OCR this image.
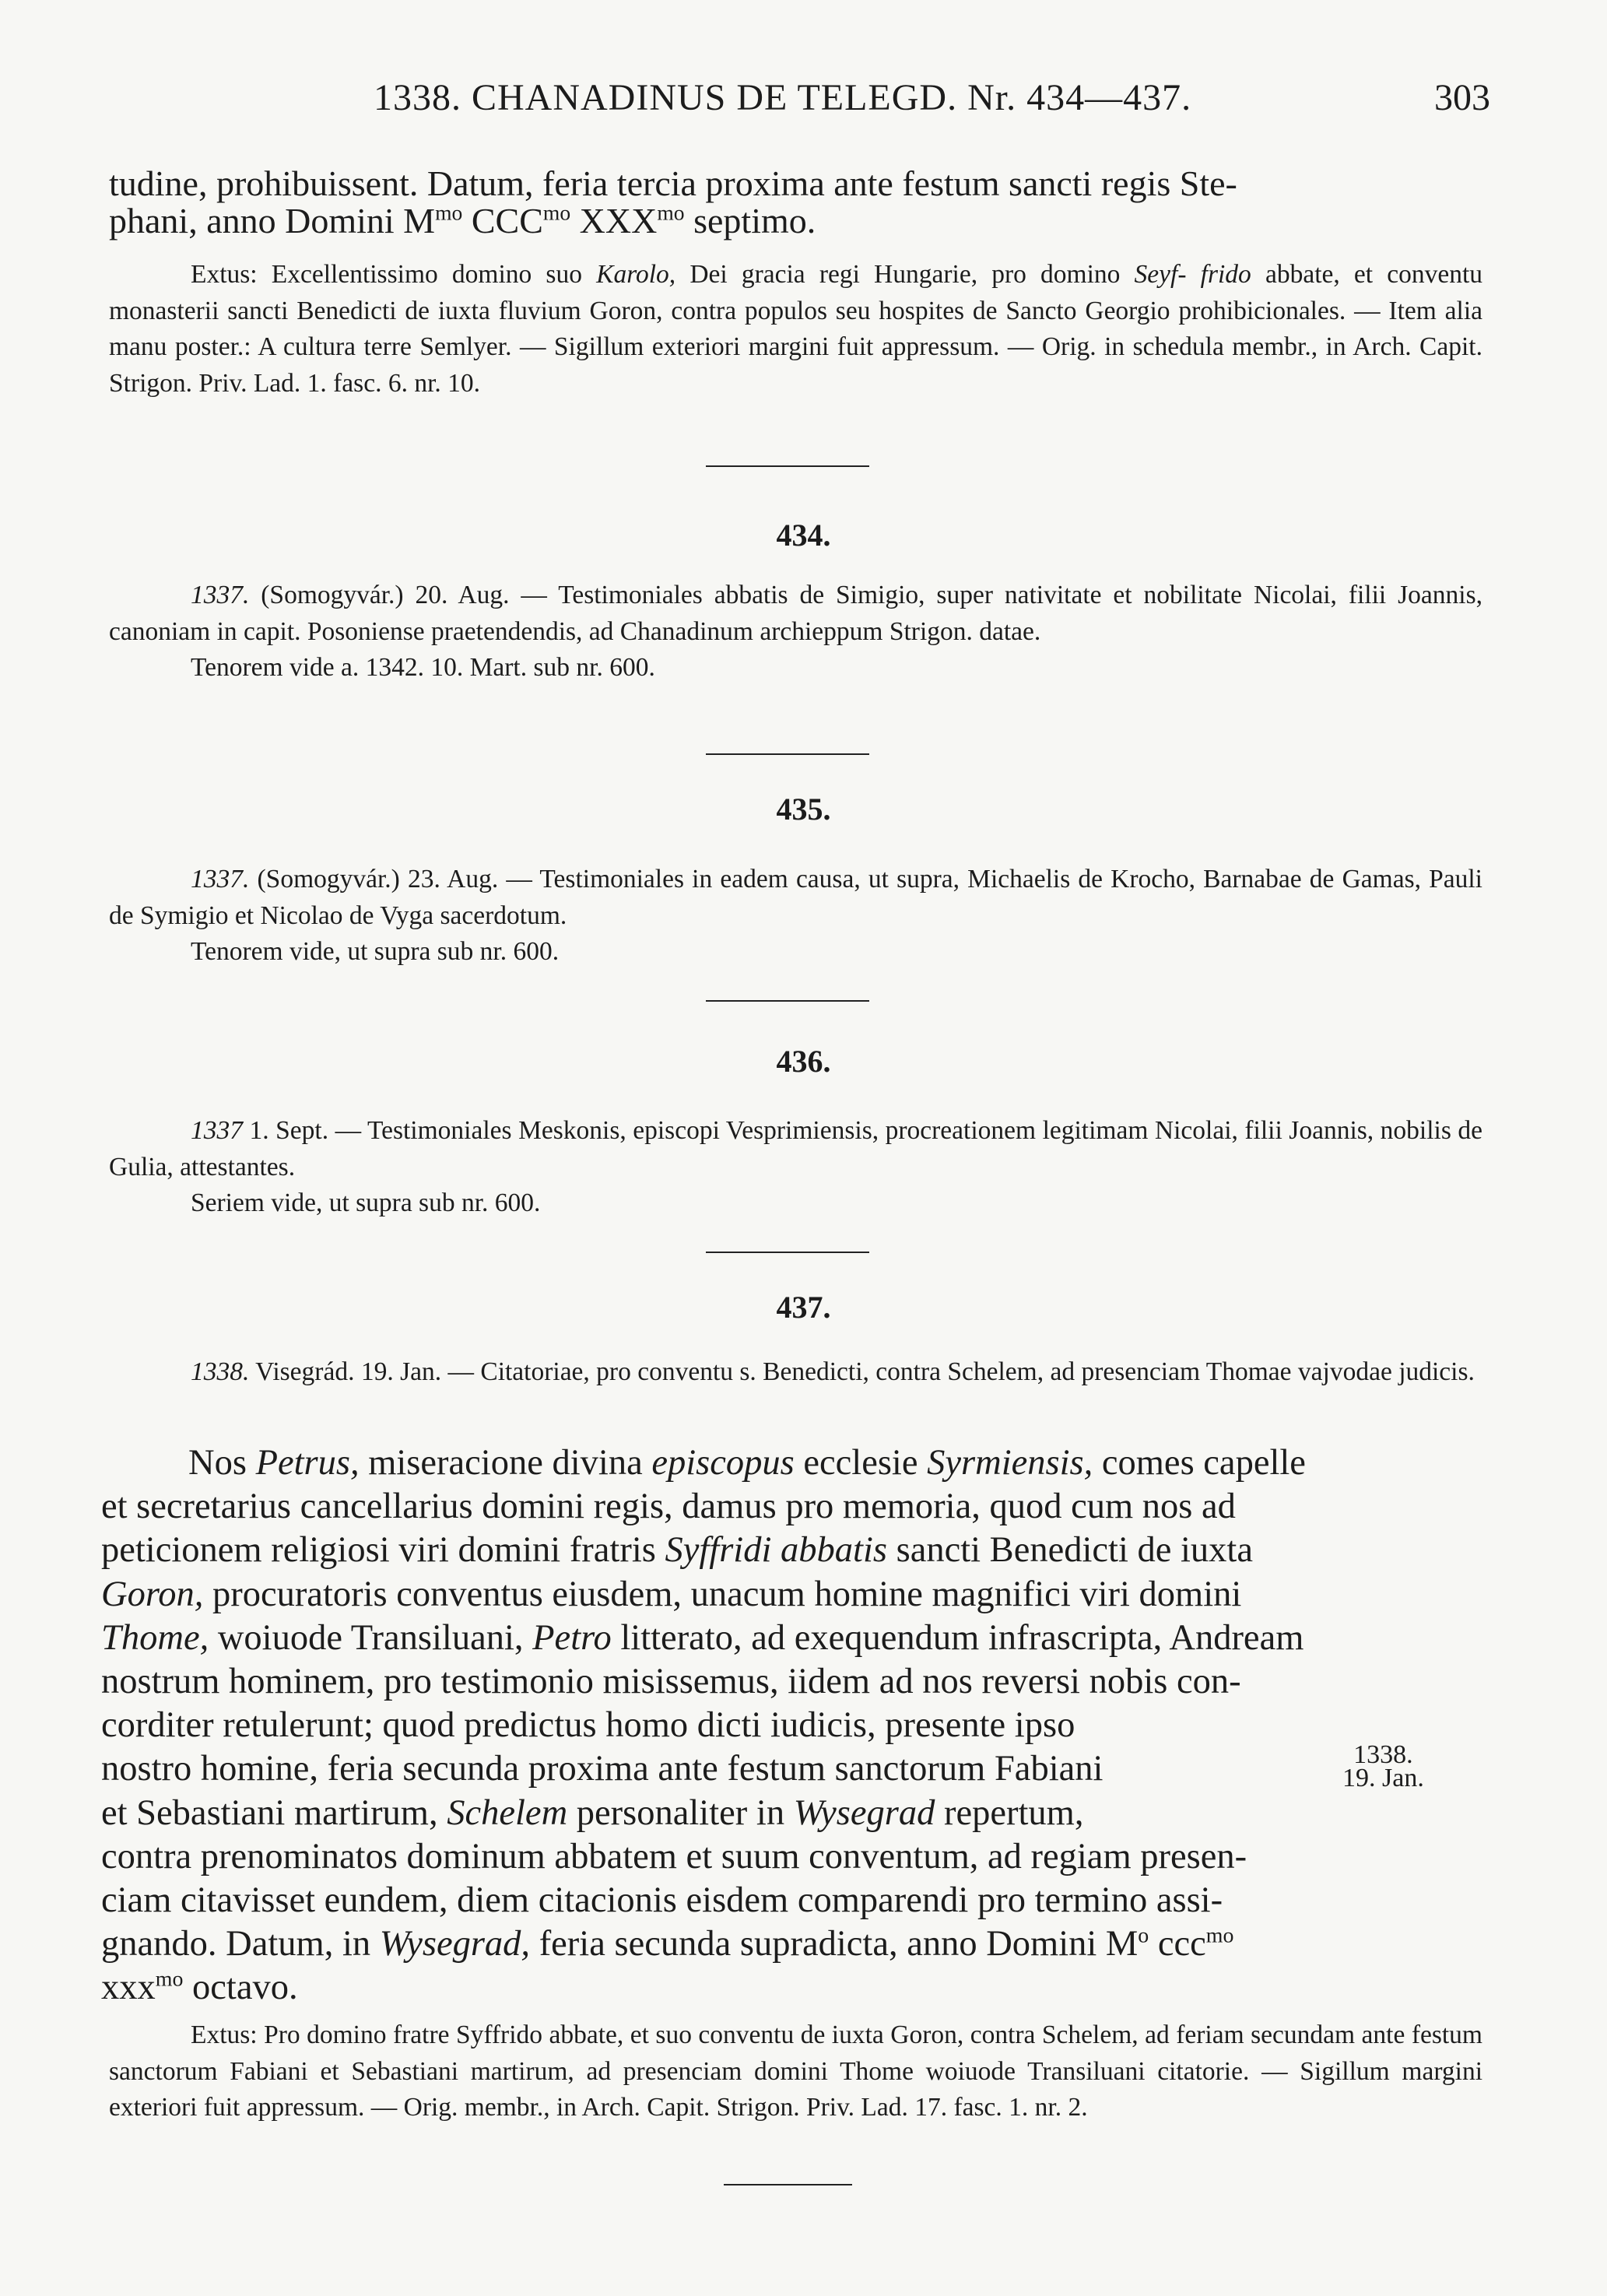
1338. CHANADINUS DE TELEGD. Nr. 434—437.	303
tudine, prohibuissent. Datum, feria tercia proxima ante festum sancti regis Ste-
phani, anno Domini $M^{mo}$ $CCC^{mo}$ $XXX^{mo}$ septimo.
Extus: Excellentissimo domino suo Karolo, Dei gracia regi Hungarie, pro domino Seyf- frido abbate, et conventu monasterii sancti Benedicti de iuxta fluvium Goron, contra populos seu hospites de Sancto Georgio prohibicionales. — Item alia manu poster.: A cultura terre Semlyer. — Sigillum exteriori margini fuit appressum. — Orig. in schedula membr., in Arch. Capit. Strigon. Priv. Lad. 1. fasc. 6. nr. 10.
434.
1337. (Somogyvár.) 20. Aug. — Testimoniales abbatis de Simigio, super nativitate et nobilitate Nicolai, filii Joannis, canoniam in capit. Posoniense praetendendis, ad Chanadinum archieppum Strigon. datae.
Tenorem vide a. 1342. 10. Mart. sub nr. 600.
435.
1337. (Somogyvár.) 23. Aug. — Testimoniales in eadem causa, ut supra, Michaelis de Krocho, Barnabae de Gamas, Pauli de Symigio et Nicolao de Vyga sacerdotum.
Tenorem vide, ut supra sub nr. 600.
436.
1337 1. Sept. — Testimoniales Meskonis, episcopi Vesprimiensis, procreationem legitimam Nicolai, filii Joannis, nobilis de Gulia, attestantes.
Seriem vide, ut supra sub nr. 600.
437.
1338. Visegrád. 19. Jan. — Citatoriae, pro conventu s. Benedicti, contra Schelem, ad presenciam Thomae vajvodae judicis.
Nos Petrus, miseracione divina episcopus ecclesie Syrmiensis, comes capelle
et secretarius cancellarius domini regis, damus pro memoria, quod cum nos ad
peticionem religiosi viri domini fratris Syffridi abbatis sancti Benedicti de iuxta
Goron, procuratoris conventus eiusdem, unacum homine magnifici viri domini
Thome, woiuode Transiluani, Petro litterato, ad exequendum infrascripta, Andream
nostrum hominem, pro testimonio misissemus, iidem ad nos reversi nobis con-
corditer retulerunt; quod predictus homo dicti iudicis, presente ipso
nostro homine, feria secunda proxima ante festum sanctorum Fabiani
et Sebastiani martirum, Schelem personaliter in Wysegrad repertum,
contra prenominatos dominum abbatem et suum conventum, ad regiam presen-
ciam citavisset eundem, diem citacionis eisdem comparendi pro termino assi-
gnando. Datum, in Wysegrad, feria secunda supradicta, anno Domini $M^o$ ccc$^{mo}$
xxx$^{mo}$ octavo.
1338.
19. Jan.
Extus: Pro domino fratre Syffrido abbate, et suo conventu de iuxta Goron, contra Schelem, ad feriam secundam ante festum sanctorum Fabiani et Sebastiani martirum, ad presenciam domini Thome woiuode Transiluani citatorie. — Sigillum margini exteriori fuit appressum. — Orig. membr., in Arch. Capit. Strigon. Priv. Lad. 17. fasc. 1. nr. 2.
